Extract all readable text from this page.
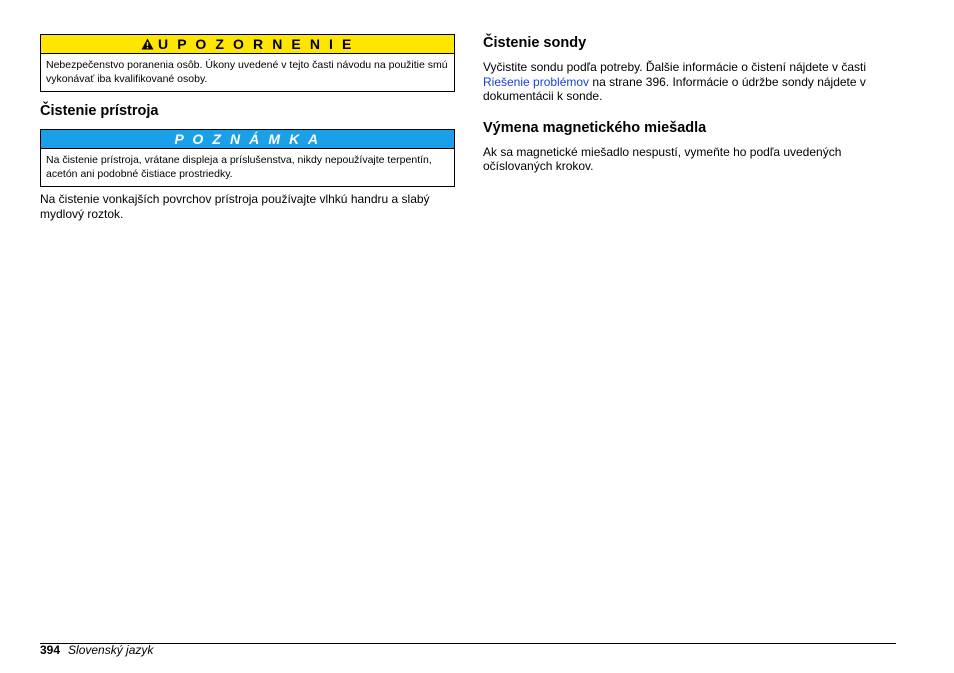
U P O Z O R N E N I E
Nebezpečenstvo poranenia osôb. Úkony uvedené v tejto časti návodu na použitie smú vykonávať iba kvalifikované osoby.
Čistenie prístroja
P O Z N Á M K A
Na čistenie prístroja, vrátane displeja a príslušenstva, nikdy nepoužívajte terpentín, acetón ani podobné čistiace prostriedky.

Na čistenie vonkajších povrchov prístroja používajte vlhkú handru a slabý mydlový roztok.

Čistenie sondy

Vyčistite sondu podľa potreby. Ďalšie informácie o čistení nájdete v časti Riešenie problémov na strane 396. Informácie o údržbe sondy nájdete v dokumentácii k sonde.

Výmena magnetického miešadla

Ak sa magnetické miešadlo nespustí, vymeňte ho podľa uvedených očíslovaných krokov.

394 Slovenský jazyk
